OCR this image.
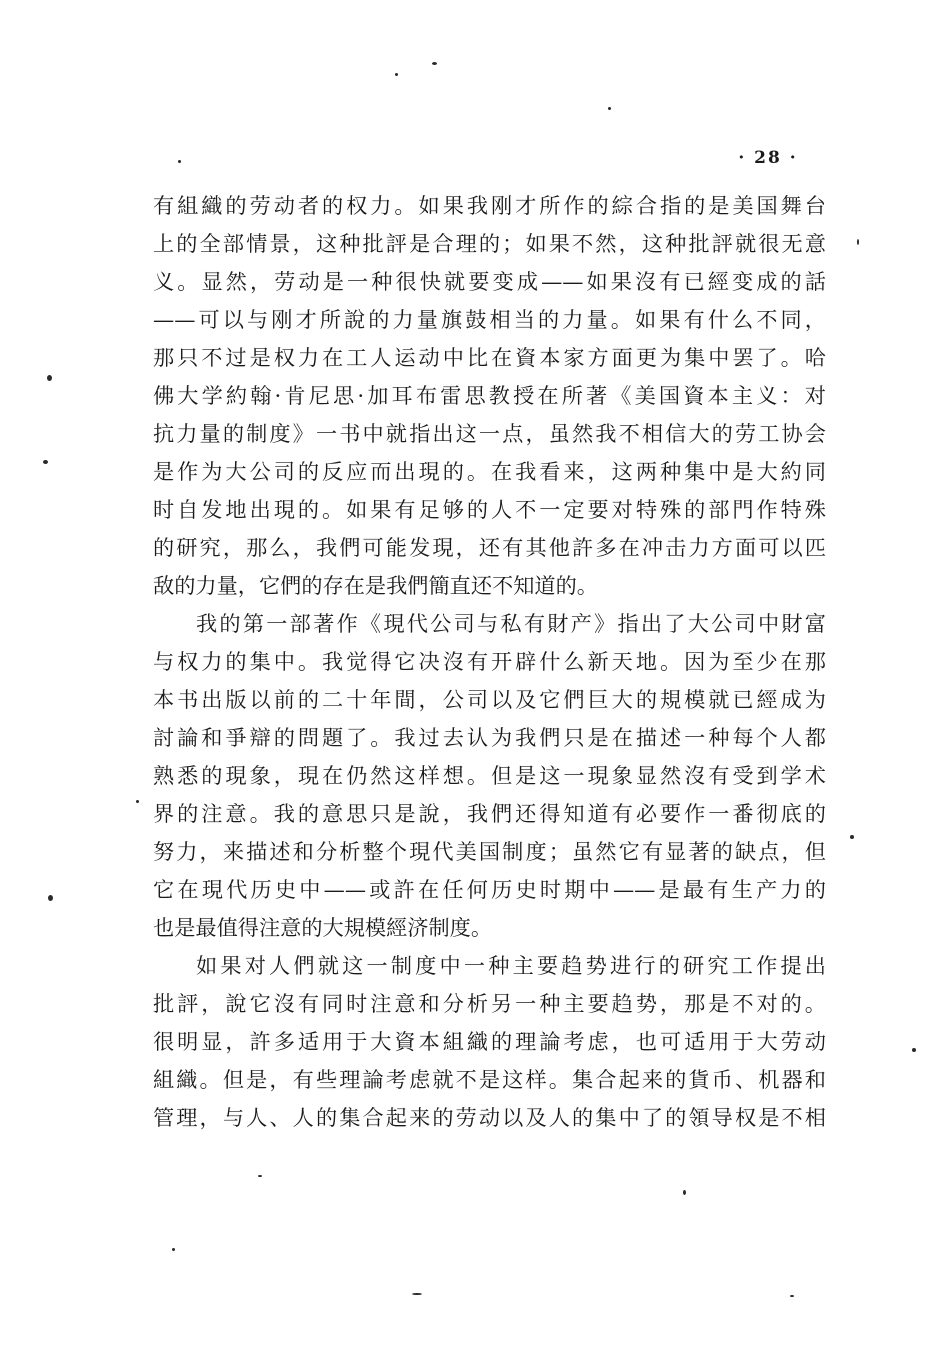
· 28 ·
有組織的劳动者的权力。如果我刚才所作的綜合指的是美国舞台
上的全部情景，这种批評是合理的；如果不然，这种批評就很无意
义。显然，劳动是一种很快就要变成——如果沒有已經变成的話
——可以与刚才所說的力量旗鼓相当的力量。如果有什么不同，
那只不过是权力在工人运动中比在資本家方面更为集中罢了。哈
佛大学約翰·肯尼思·加耳布雷思教授在所著《美国資本主义：对
抗力量的制度》一书中就指出这一点，虽然我不相信大的劳工协会
是作为大公司的反应而出現的。在我看来，这两种集中是大約同
时自发地出現的。如果有足够的人不一定要对特殊的部門作特殊
的研究，那么，我們可能发現，还有其他許多在冲击力方面可以匹
敌的力量，它們的存在是我們簡直还不知道的。
我的第一部著作《現代公司与私有財产》指出了大公司中財富
与权力的集中。我觉得它决沒有开辟什么新天地。因为至少在那
本书出版以前的二十年間，公司以及它們巨大的規模就已經成为
討論和爭辯的問題了。我过去认为我們只是在描述一种每个人都
熟悉的現象，現在仍然这样想。但是这一現象显然沒有受到学术
界的注意。我的意思只是說，我們还得知道有必要作一番彻底的
努力，来描述和分析整个現代美国制度；虽然它有显著的缺点，但
它在現代历史中——或許在任何历史时期中——是最有生产力的
也是最值得注意的大規模經济制度。
如果对人們就这一制度中一种主要趋势进行的研究工作提出
批評，說它沒有同时注意和分析另一种主要趋势，那是不对的。
很明显，許多适用于大資本組織的理論考虑，也可适用于大劳动
組織。但是，有些理論考虑就不是这样。集合起来的貨币、机器和
管理，与人、人的集合起来的劳动以及人的集中了的領导权是不相
